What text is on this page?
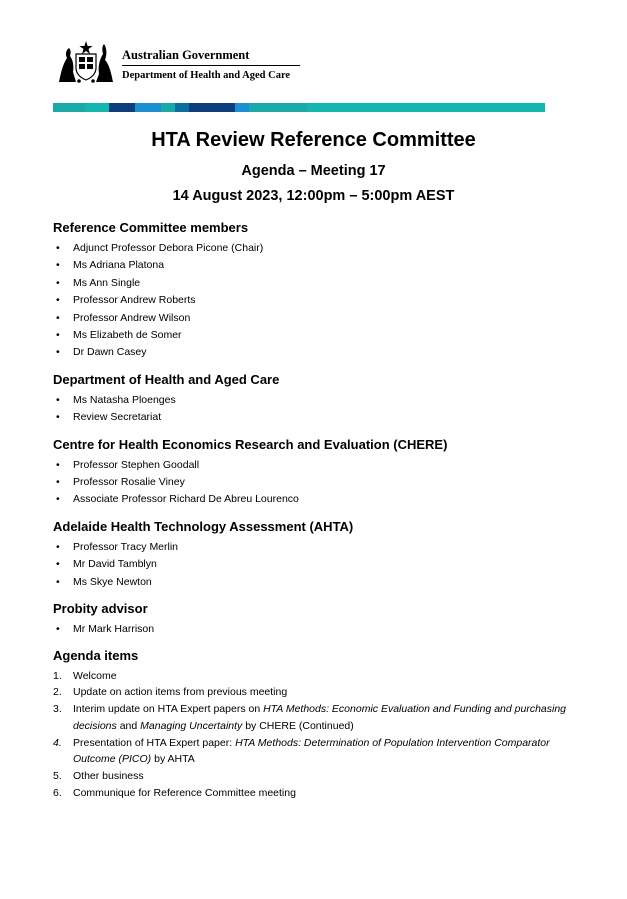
Australian Government
Department of Health and Aged Care
HTA Review Reference Committee
Agenda – Meeting 17
14 August 2023, 12:00pm – 5:00pm AEST
Reference Committee members
• Adjunct Professor Debora Picone (Chair)
• Ms Adriana Platona
• Ms Ann Single
• Professor Andrew Roberts
• Professor Andrew Wilson
• Ms Elizabeth de Somer
• Dr Dawn Casey
Department of Health and Aged Care
• Ms Natasha Ploenges
• Review Secretariat
Centre for Health Economics Research and Evaluation (CHERE)
• Professor Stephen Goodall
• Professor Rosalie Viney
• Associate Professor Richard De Abreu Lourenco
Adelaide Health Technology Assessment (AHTA)
• Professor Tracy Merlin
• Mr David Tamblyn
• Ms Skye Newton
Probity advisor
• Mr Mark Harrison
Agenda items
1.	Welcome
2.	Update on action items from previous meeting
3.	Interim update on HTA Expert papers on HTA Methods: Economic Evaluation and Funding and purchasing decisions and Managing Uncertainty by CHERE (Continued)
4.	Presentation of HTA Expert paper: HTA Methods: Determination of Population Intervention Comparator Outcome (PICO) by AHTA
5.	Other business
6.	Communique for Reference Committee meeting
